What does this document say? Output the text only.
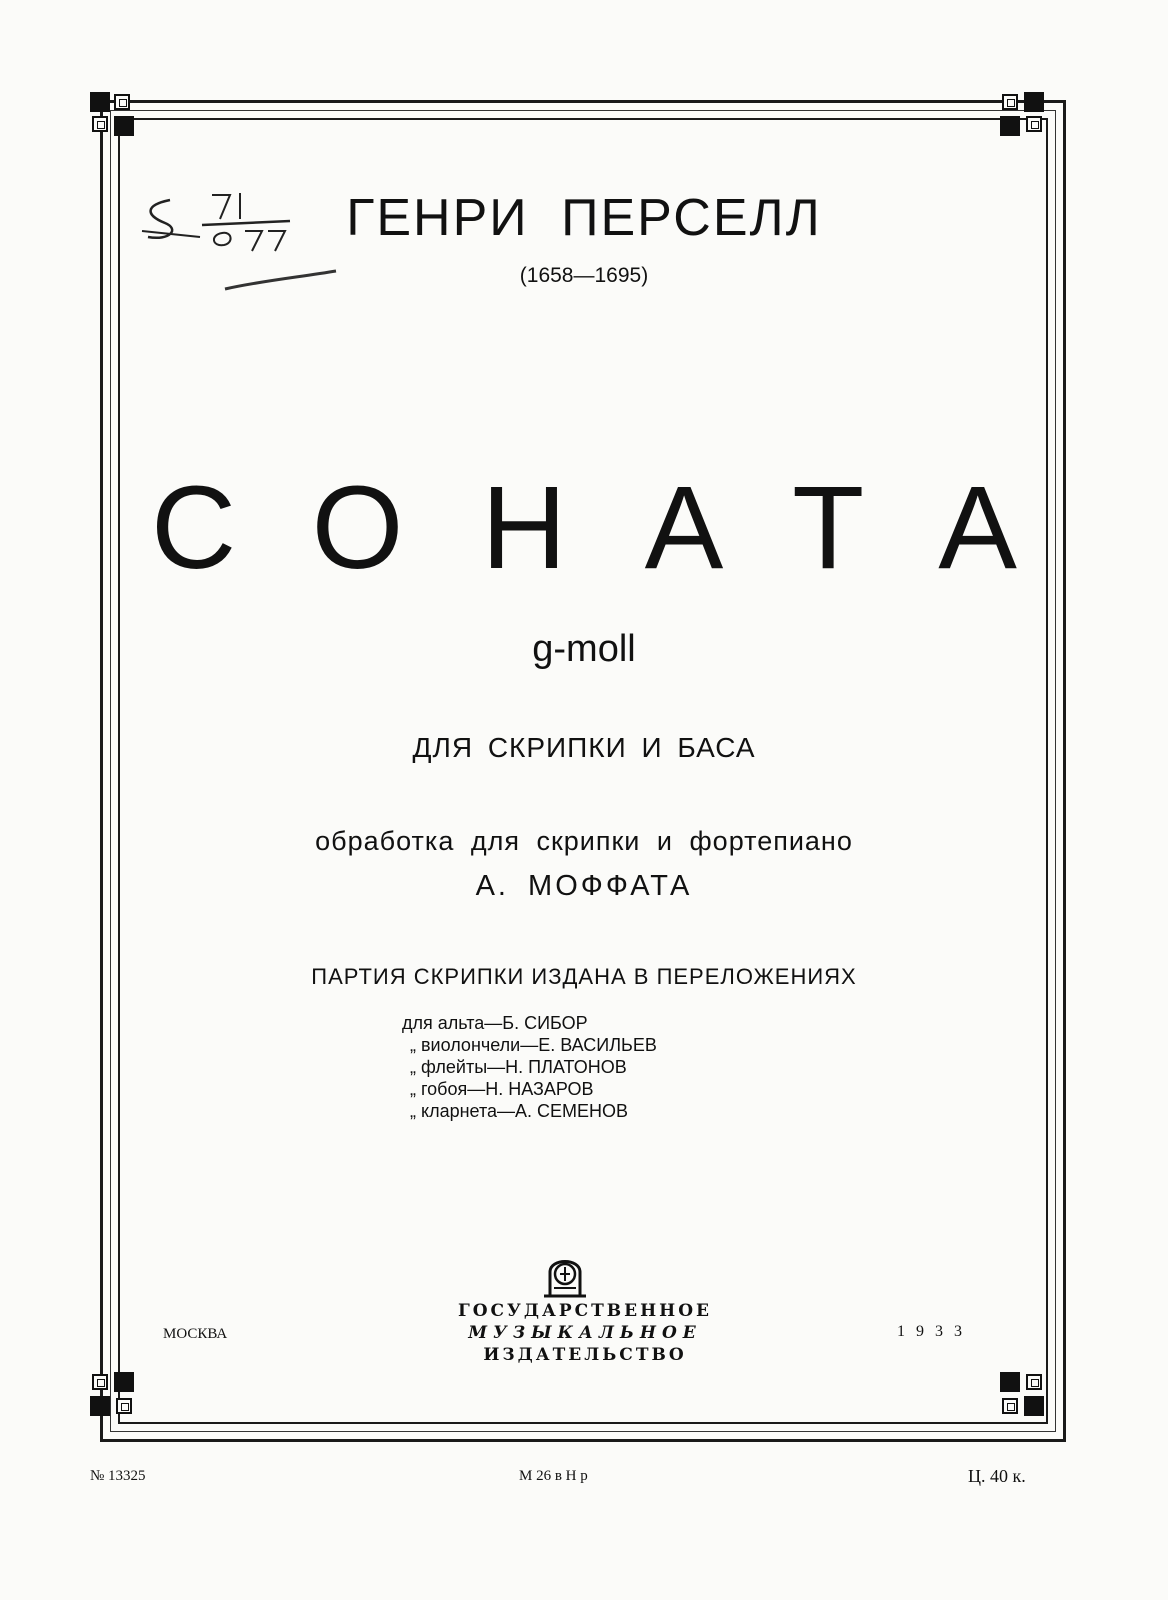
ГЕНРИ ПЕРСЕЛЛ
(1658—1695)
СОНАТА
g-moll
ДЛЯ СКРИПКИ И БАСА
обработка для скрипки и фортепиано
А. МОФФАТА
ПАРТИЯ СКРИПКИ ИЗДАНА В ПЕРЕЛОЖЕНИЯХ
для альта—Б. СИБОР
„ виолончели—Е. ВАСИЛЬЕВ
„ флейты—Н. ПЛАТОНОВ
„ гобоя—Н. НАЗАРОВ
„ кларнета—А. СЕМЕНОВ
ГОСУДАРСТВЕННОЕ
МУЗЫКАЛЬНОЕ
ИЗДАТЕЛЬСТВО
МОСКВА	1933
№ 13325	М 26 в Н р	Ц. 40 к.
